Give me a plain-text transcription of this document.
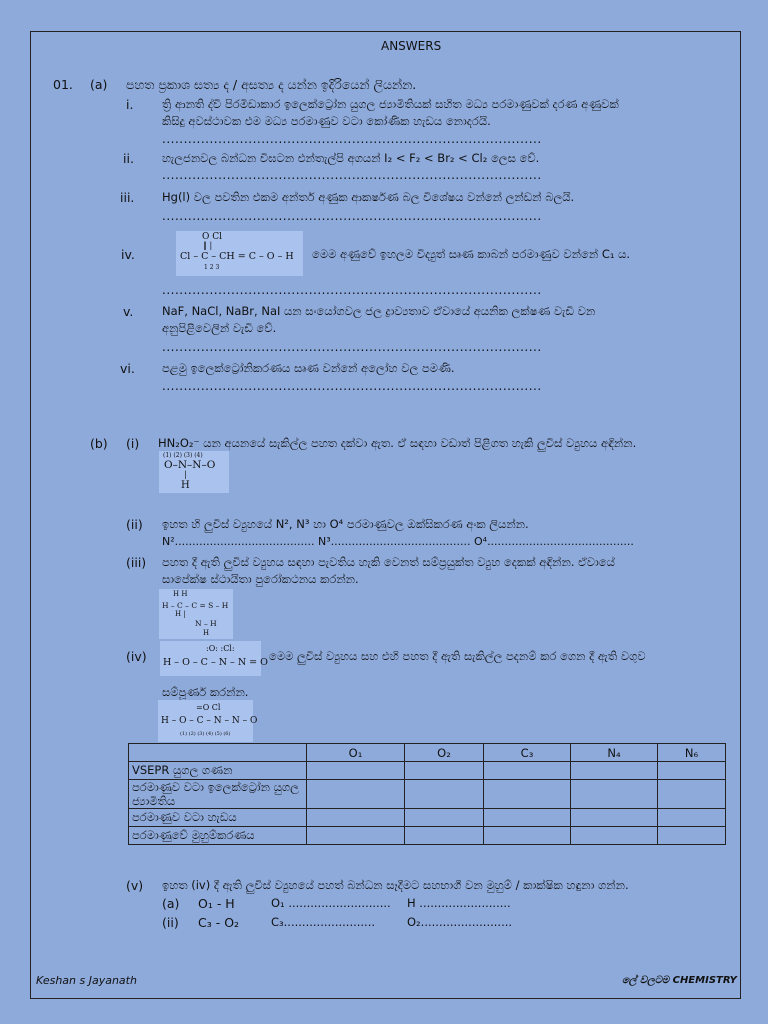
ANSWERS
01. (a) පහත ප්‍රකාශ සත්‍ය ද / අසත්‍ය ද යන්න ඉදිරියෙන් ලියන්න.
i. ත්‍රි ආනති ද්වි පිරමිඩාකාර ඉලෙක්ට්‍රෝන යුගල ජ්‍යාමිතියක් සහිත මධ්‍ය පරමාණුවක් දරණ අණුවක්
කිසිදු අවස්ථාවක එම මධ්‍ය පරමාණුව වටා කෝණික හැඩය නොදරයි.
........................................................................................
ii. හැලජනවල බන්ධන විඝටන එන්තැල්පි අගයන් I₂ < F₂ < Br₂ < Cl₂ ලෙස වේ.
........................................................................................
iii. Hg(l) වල පවතින එකම අන්තර් අණුක ආකර්ෂණ බල විශේෂය වන්නේ ලන්ඩන් බලයි.
........................................................................................
iv.
O Cl
‖ |
Cl – C – CH = C – O – H
1 2 3
මෙම අණුවේ ඉහලම විද්‍යුත් සෘණ කාබන් පරමාණුව වන්නේ C₁ ය.
........................................................................................
v. NaF, NaCl, NaBr, NaI යන සංයෝගවල ජල ද්‍රාව්‍යතාව ඒවායේ අයනික ලක්ෂණ වැඩි වන
අනුපිළිවෙලින් වැඩි වේ.
........................................................................................
vi. පළමු ඉලෙක්ට්‍රෝනිකරණය සෘණ වන්නේ අලෝහ වල පමණි.
........................................................................................
(b) (i) HN₂O₂⁻ යන අයනයේ සැකිල්ල පහත දක්වා ඇත. ඒ සඳහා වඩාත් පිළිගත හැකි ලුවිස් ව්‍යුහය අඳින්න.
(1) (2) (3) (4)
O–N–N–O
|
H
(ii) ඉහත හි ලුවිස් ව්‍යුහයේ N², N³ හා O⁴ පරමාණුවල ඔක්සිකරණ අංක ලියන්න.
N²........................................ N³........................................ O⁴..........................................
(iii) පහත දී ඇති ලුවිස් ව්‍යුහය සඳහා පැවතිය හැකි වෙනත් සම්ප්‍රයුක්ත ව්‍යුහ දෙකක් අඳින්න. ඒවායේ
සාපේක්ෂ ස්ථායිතා පුරෝකථනය කරන්න.
H H
H – C – C = S – H
H |
N – H
H
(iv)
:O: :Cl:
H – O – C – N – N = O මෙම ලුවිස් ව්‍යුහය සහ එහි පහත දී ඇති සැකිල්ල පදනම් කර ගෙන දී ඇති වගුව
සම්පූර්ණ කරන්න.
=O Cl
H – O – C – N – N – O
(1) (2) (3) (4) (5) (6)
	O₁	O₂	C₃	N₄	N₆
VSEPR යුගල ගණන					
පරමාණුව වටා ඉලෙක්ට්‍රෝන යුගල ජ්‍යාමිතිය					
පරමාණුව වටා හැඩය					
පරමාණුවේ මුහුම්කරණය					
(v) ඉහත (iv) දී ඇති ලුවිස් ව්‍යුහයේ පහත් බන්ධන සෑදීමට සහභාගී වන මුහුම් / කාක්ෂික හඳුනා ගන්න.
(a) O₁ - H	O₁ ............................ H .........................
(ii) C₃ - O₂	C₃.........................	O₂.........................
Keshan s Jayanath	ලේ වලටම CHEMISTRY
